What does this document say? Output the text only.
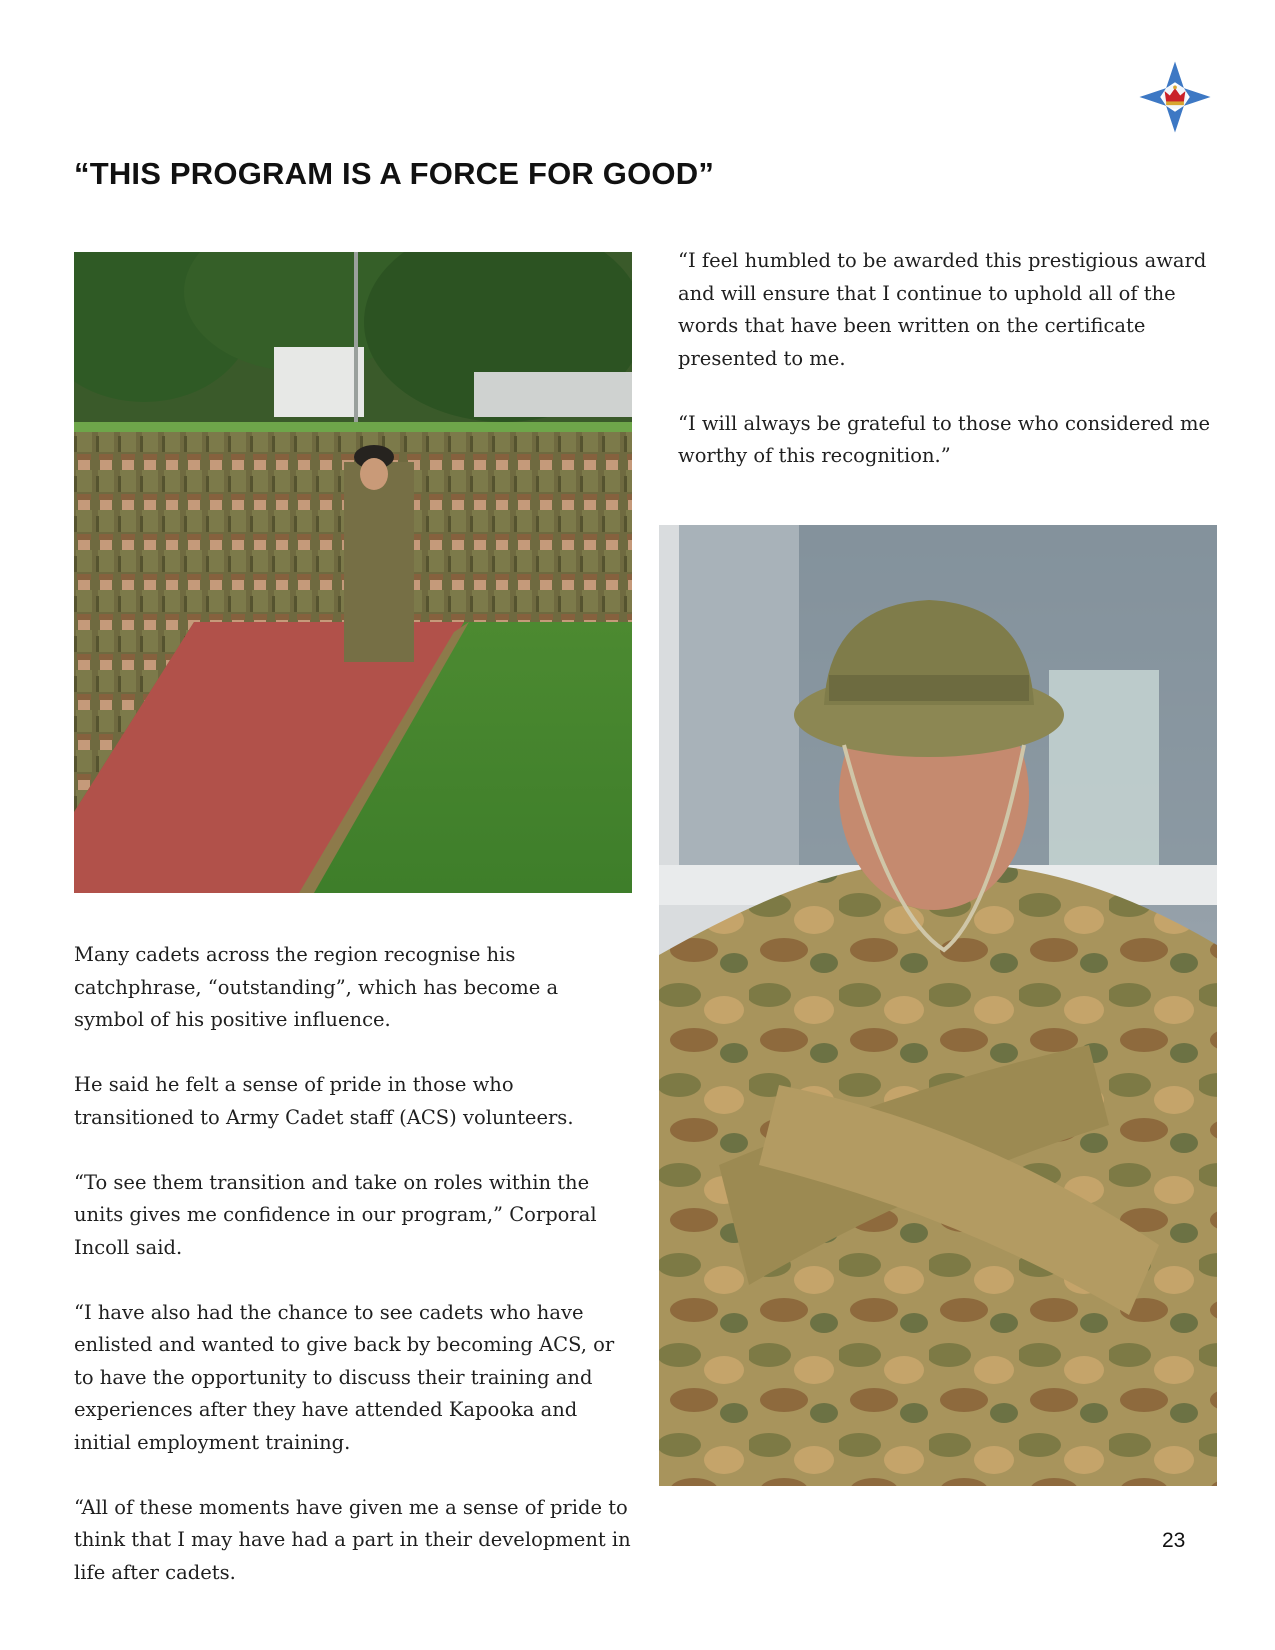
“THIS PROGRAM IS A FORCE FOR GOOD”

“I feel humbled to be awarded this prestigious award and will ensure that I continue to uphold all of the words that have been written on the certificate presented to me.

“I will always be grateful to those who considered me worthy of this recognition.”

Many cadets across the region recognise his catchphrase, “outstanding”, which has become a symbol of his positive influence.

He said he felt a sense of pride in those who transitioned to Army Cadet staff (ACS) volunteers.

“To see them transition and take on roles within the units gives me confidence in our program,” Corporal Incoll said.

“I have also had the chance to see cadets who have enlisted and wanted to give back by becoming ACS, or to have the opportunity to discuss their training and experiences after they have attended Kapooka and initial employment training.

“All of these moments have given me a sense of pride to think that I may have had a part in their development in life after cadets.

23
